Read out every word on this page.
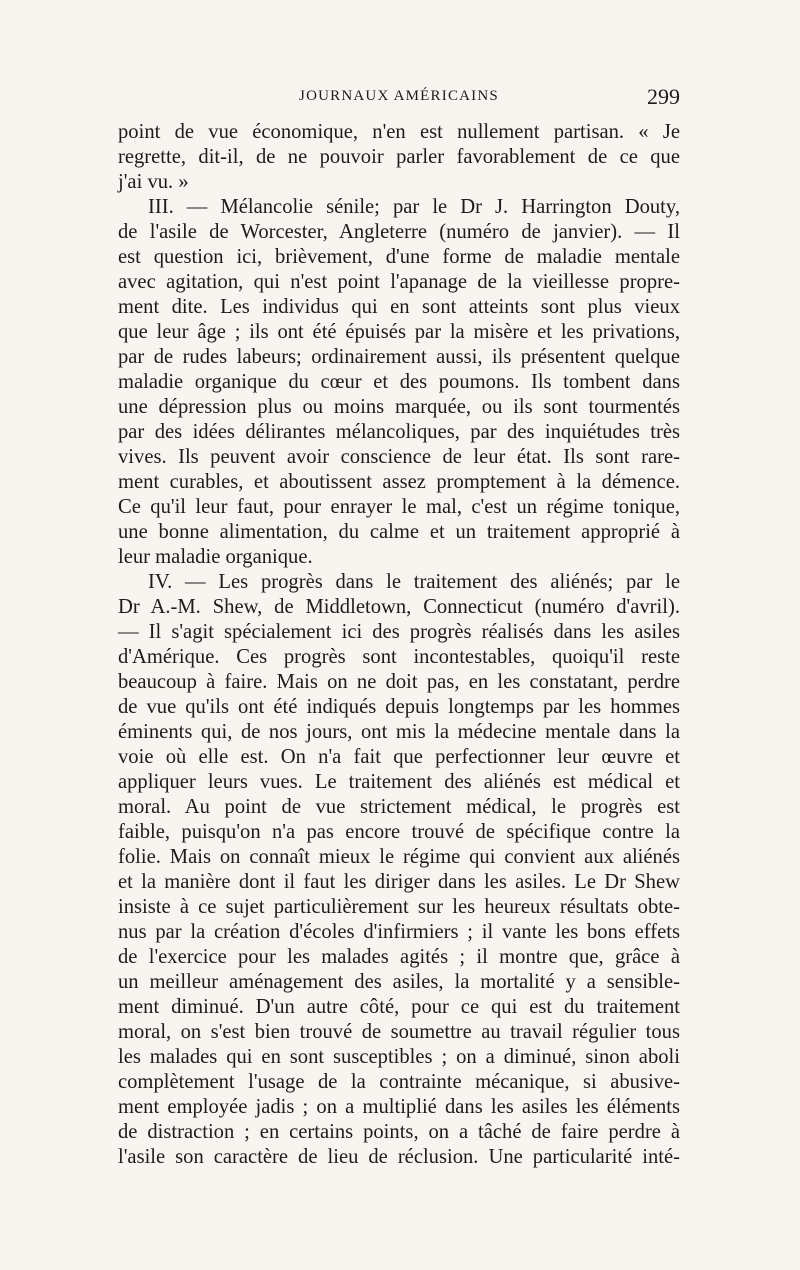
JOURNAUX AMÉRICAINS	299
point de vue économique, n'en est nullement partisan. « Je
regrette, dit-il, de ne pouvoir parler favorablement de ce que
j'ai vu. »
III. — Mélancolie sénile; par le Dr J. Harrington Douty,
de l'asile de Worcester, Angleterre (numéro de janvier). — Il
est question ici, brièvement, d'une forme de maladie mentale
avec agitation, qui n'est point l'apanage de la vieillesse propre-
ment dite. Les individus qui en sont atteints sont plus vieux
que leur âge ; ils ont été épuisés par la misère et les privations,
par de rudes labeurs; ordinairement aussi, ils présentent quelque
maladie organique du cœur et des poumons. Ils tombent dans
une dépression plus ou moins marquée, ou ils sont tourmentés
par des idées délirantes mélancoliques, par des inquiétudes très
vives. Ils peuvent avoir conscience de leur état. Ils sont rare-
ment curables, et aboutissent assez promptement à la démence.
Ce qu'il leur faut, pour enrayer le mal, c'est un régime tonique,
une bonne alimentation, du calme et un traitement approprié à
leur maladie organique.
IV. — Les progrès dans le traitement des aliénés; par le
Dr A.-M. Shew, de Middletown, Connecticut (numéro d'avril).
— Il s'agit spécialement ici des progrès réalisés dans les asiles
d'Amérique. Ces progrès sont incontestables, quoiqu'il reste
beaucoup à faire. Mais on ne doit pas, en les constatant, perdre
de vue qu'ils ont été indiqués depuis longtemps par les hommes
éminents qui, de nos jours, ont mis la médecine mentale dans la
voie où elle est. On n'a fait que perfectionner leur œuvre et
appliquer leurs vues. Le traitement des aliénés est médical et
moral. Au point de vue strictement médical, le progrès est
faible, puisqu'on n'a pas encore trouvé de spécifique contre la
folie. Mais on connaît mieux le régime qui convient aux aliénés
et la manière dont il faut les diriger dans les asiles. Le Dr Shew
insiste à ce sujet particulièrement sur les heureux résultats obte-
nus par la création d'écoles d'infirmiers ; il vante les bons effets
de l'exercice pour les malades agités ; il montre que, grâce à
un meilleur aménagement des asiles, la mortalité y a sensible-
ment diminué. D'un autre côté, pour ce qui est du traitement
moral, on s'est bien trouvé de soumettre au travail régulier tous
les malades qui en sont susceptibles ; on a diminué, sinon aboli
complètement l'usage de la contrainte mécanique, si abusive-
ment employée jadis ; on a multiplié dans les asiles les éléments
de distraction ; en certains points, on a tâché de faire perdre à
l'asile son caractère de lieu de réclusion. Une particularité inté-
